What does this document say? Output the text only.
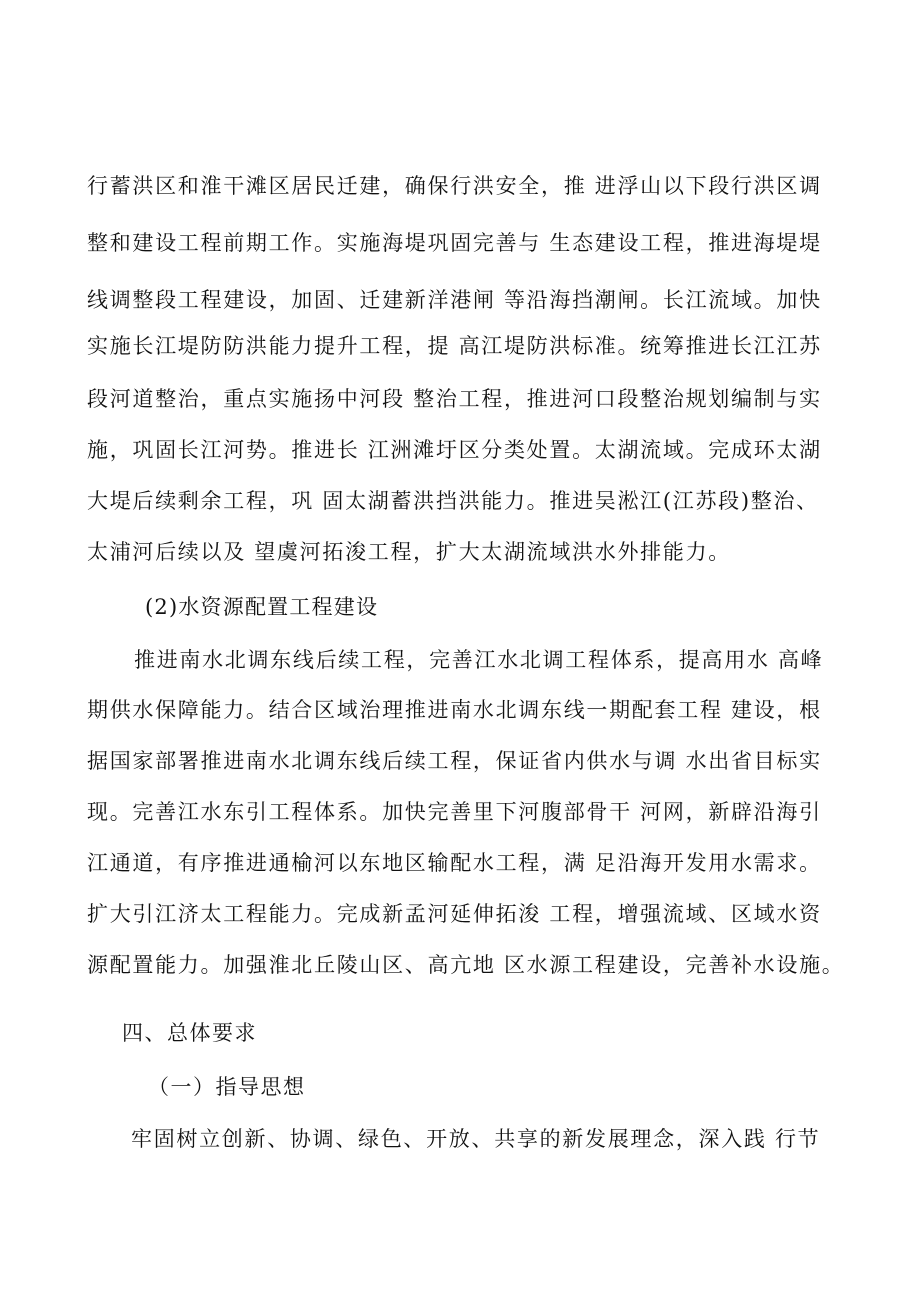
行蓄洪区和淮干滩区居民迁建，确保行洪安全，推 进浮山以下段行洪区调
整和建设工程前期工作。实施海堤巩固完善与 生态建设工程，推进海堤堤
线调整段工程建设，加固、迁建新洋港闸 等沿海挡潮闸。长江流域。加快
实施长江堤防防洪能力提升工程，提 高江堤防洪标准。统筹推进长江江苏
段河道整治，重点实施扬中河段 整治工程，推进河口段整治规划编制与实
施，巩固长江河势。推进长 江洲滩圩区分类处置。太湖流域。完成环太湖
大堤后续剩余工程，巩 固太湖蓄洪挡洪能力。推进吴淞江(江苏段)整治、
太浦河后续以及 望虞河拓浚工程，扩大太湖流域洪水外排能力。
(2)水资源配置工程建设
推进南水北调东线后续工程，完善江水北调工程体系，提高用水 高峰
期供水保障能力。结合区域治理推进南水北调东线一期配套工程 建设，根
据国家部署推进南水北调东线后续工程，保证省内供水与调 水出省目标实
现。完善江水东引工程体系。加快完善里下河腹部骨干 河网，新辟沿海引
江通道，有序推进通榆河以东地区输配水工程，满 足沿海开发用水需求。
扩大引江济太工程能力。完成新孟河延伸拓浚 工程，增强流域、区域水资
源配置能力。加强淮北丘陵山区、高亢地 区水源工程建设，完善补水设施。
四、总体要求
（一）指导思想
牢固树立创新、协调、绿色、开放、共享的新发展理念，深入践 行节
